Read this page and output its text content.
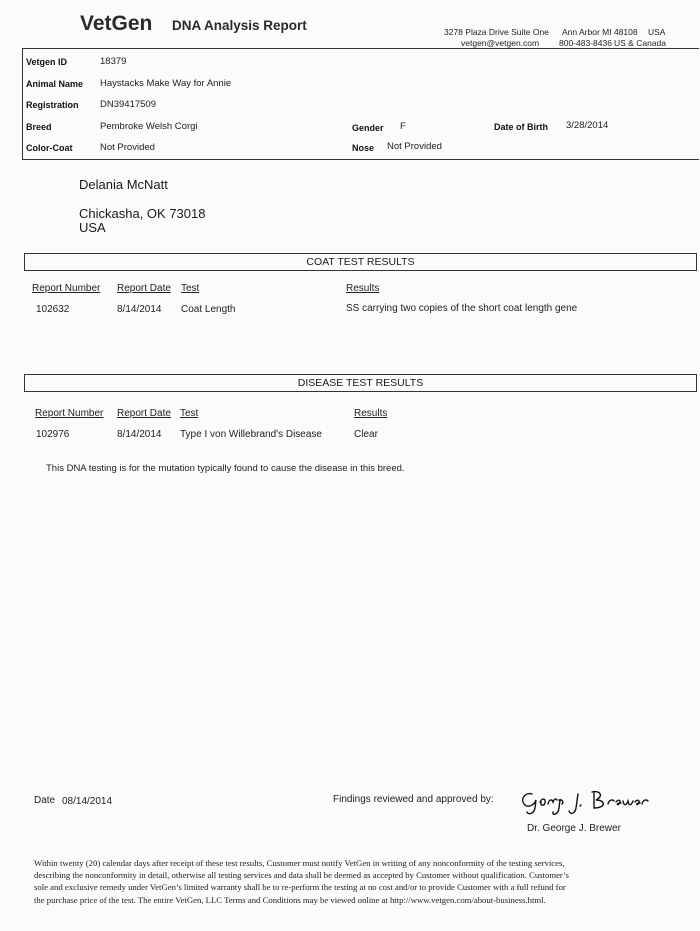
VetGen DNA Analysis Report	3278 Plaza Drive Suite One Ann Arbor MI 48108 USA
vetgen@vetgen.com 800-483-8436 US & Canada
Vetgen ID	18379
Animal Name Haystacks Make Way for Annie
Registration DN39417509
Breed	Pembroke Welsh Corgi	Gender F	Date of Birth 3/28/2014
Color-Coat	Not Provided	Nose Not Provided
Delania McNatt
Chickasha, OK 73018
USA
COAT TEST RESULTS
Report Number Report Date Test	Results
102632	8/14/2014 Coat Length	SS carrying two copies of the short coat length gene
DISEASE TEST RESULTS
Report Number Report Date Test	Results
102976	8/14/2014 Type I von Willebrand's Disease	Clear
This DNA testing is for the mutation typically found to cause the disease in this breed.
Date 08/14/2014	Findings reviewed and approved by:
Dr. George J. Brewer
Within twenty (20) calendar days after receipt of these test results, Customer must notify VetGen in writing of any nonconformity of the testing services,
describing the nonconformity in detail, otherwise all testing services and data shall be deemed as accepted by Customer without qualification. Customer’s
sole and exclusive remedy under VetGen’s limited warranty shall be to re-perform the testing at no cost and/or to provide Customer with a full refund for
the purchase price of the test. The entire VetGen, LLC Terms and Conditions may be viewed online at http://www.vetgen.com/about-business.html.
